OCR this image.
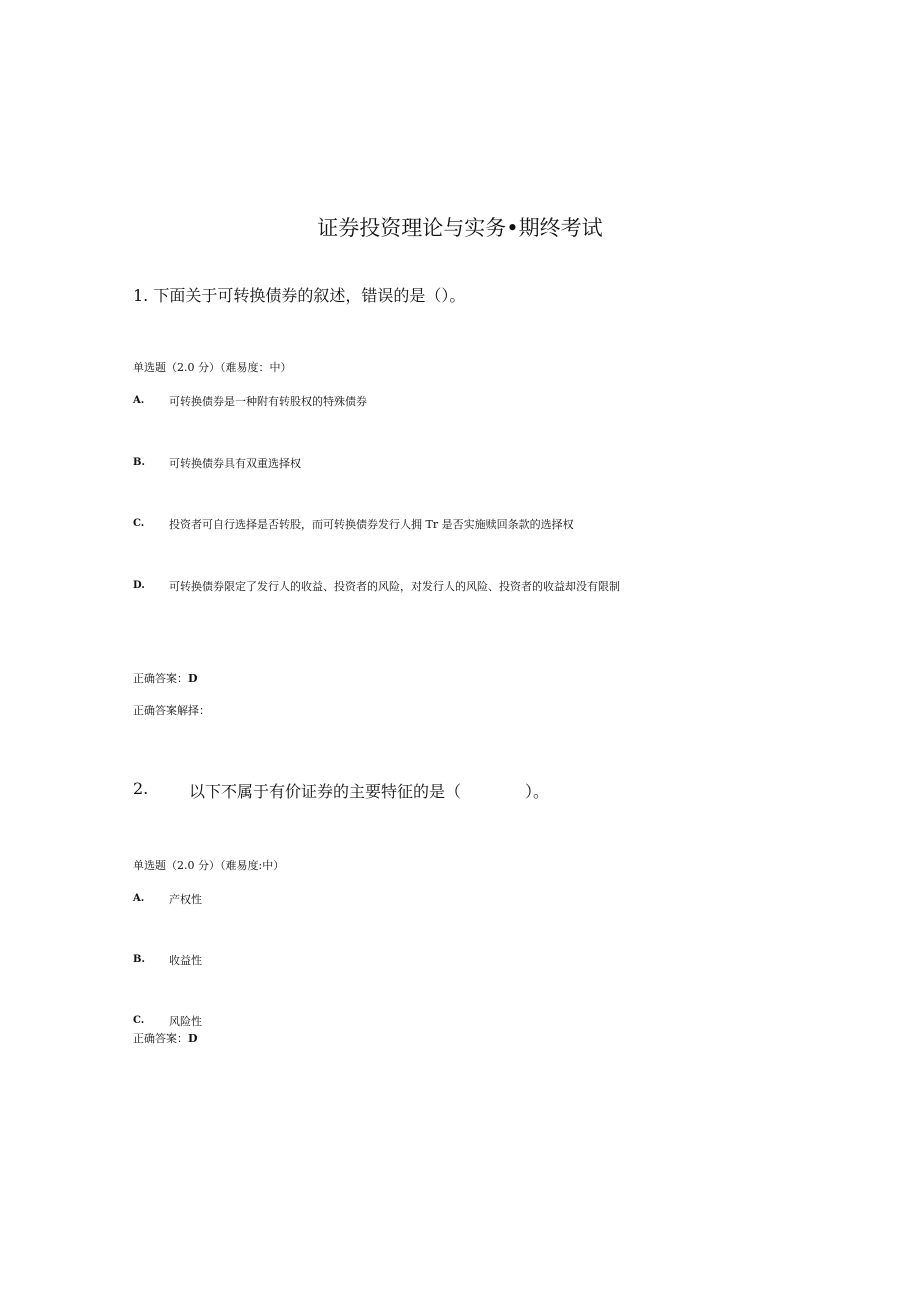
证券投资理论与实务•期终考试
1. 下面关于可转换债券的叙述，错误的是（）。
单选题（2.0 分）（难易度：中）
A. 可转换债券是一种附有转股权的特殊债券
B. 可转换债券具有双重选择权
C. 投资者可自行选择是否转股，而可转换债券发行人拥 Tr 是否实施赎回条款的选择权
D. 可转换债券限定了发行人的收益、投资者的风险，对发行人的风险、投资者的收益却没有限制
正确答案：D
正确答案解择：
2.	以下不属于有价证券的主要特征的是（　　　　）。
单选题（2.0 分）（难易度:中）
A. 产权性
B. 收益性
C. 风险性
正确答案：D
